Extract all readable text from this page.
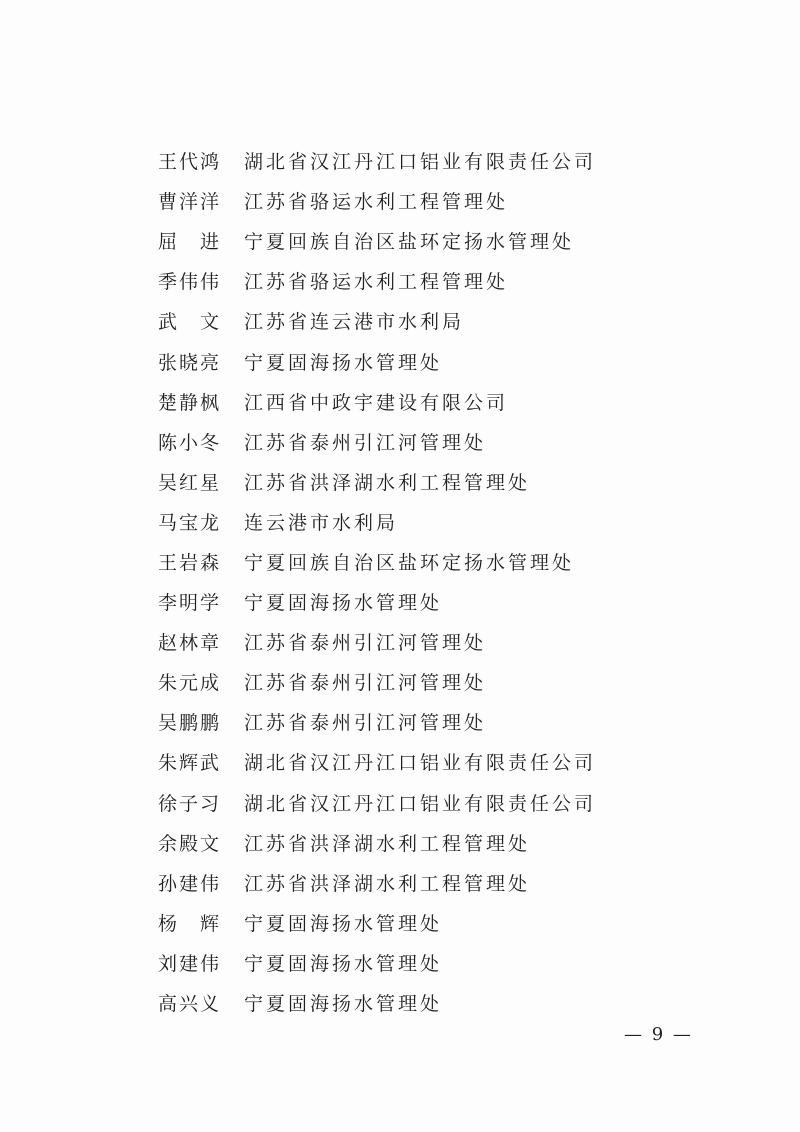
王代鸿	湖北省汉江丹江口铝业有限责任公司
曹洋洋	江苏省骆运水利工程管理处
屈　进	宁夏回族自治区盐环定扬水管理处
季伟伟	江苏省骆运水利工程管理处
武　文	江苏省连云港市水利局
张晓亮	宁夏固海扬水管理处
楚静枫	江西省中政宇建设有限公司
陈小冬	江苏省泰州引江河管理处
吴红星	江苏省洪泽湖水利工程管理处
马宝龙	连云港市水利局
王岩森	宁夏回族自治区盐环定扬水管理处
李明学	宁夏固海扬水管理处
赵林章	江苏省泰州引江河管理处
朱元成	江苏省泰州引江河管理处
吴鹏鹏	江苏省泰州引江河管理处
朱辉武	湖北省汉江丹江口铝业有限责任公司
徐子习	湖北省汉江丹江口铝业有限责任公司
余殿文	江苏省洪泽湖水利工程管理处
孙建伟	江苏省洪泽湖水利工程管理处
杨　辉	宁夏固海扬水管理处
刘建伟	宁夏固海扬水管理处
高兴义	宁夏固海扬水管理处
— 9 —
